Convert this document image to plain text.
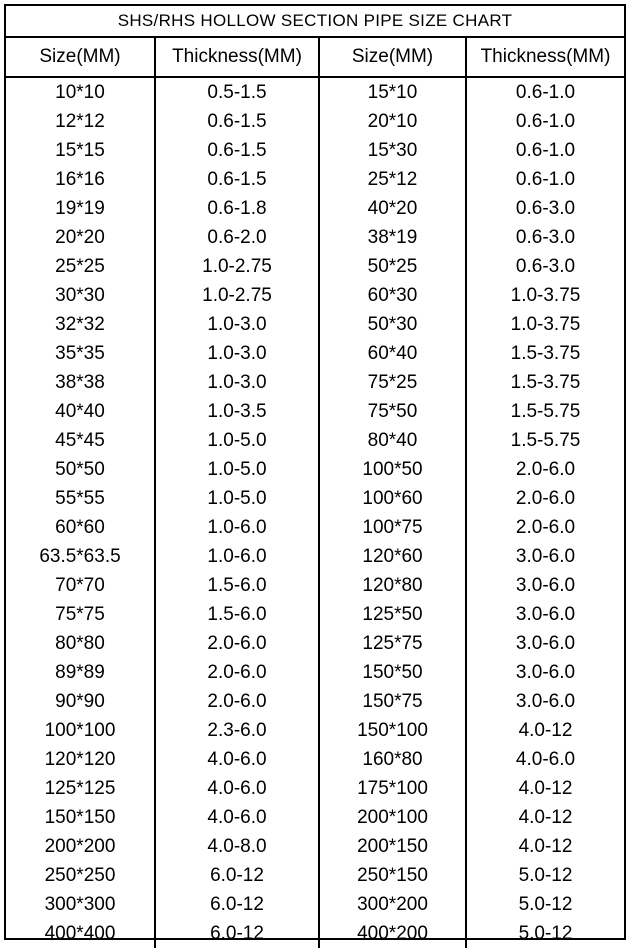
SHS/RHS HOLLOW SECTION PIPE SIZE CHART
Size(MM)	Thickness(MM)	Size(MM)	Thickness(MM)
10*10	0.5-1.5	15*10	0.6-1.0
12*12	0.6-1.5	20*10	0.6-1.0
15*15	0.6-1.5	15*30	0.6-1.0
16*16	0.6-1.5	25*12	0.6-1.0
19*19	0.6-1.8	40*20	0.6-3.0
20*20	0.6-2.0	38*19	0.6-3.0
25*25	1.0-2.75	50*25	0.6-3.0
30*30	1.0-2.75	60*30	1.0-3.75
32*32	1.0-3.0	50*30	1.0-3.75
35*35	1.0-3.0	60*40	1.5-3.75
38*38	1.0-3.0	75*25	1.5-3.75
40*40	1.0-3.5	75*50	1.5-5.75
45*45	1.0-5.0	80*40	1.5-5.75
50*50	1.0-5.0	100*50	2.0-6.0
55*55	1.0-5.0	100*60	2.0-6.0
60*60	1.0-6.0	100*75	2.0-6.0
63.5*63.5	1.0-6.0	120*60	3.0-6.0
70*70	1.5-6.0	120*80	3.0-6.0
75*75	1.5-6.0	125*50	3.0-6.0
80*80	2.0-6.0	125*75	3.0-6.0
89*89	2.0-6.0	150*50	3.0-6.0
90*90	2.0-6.0	150*75	3.0-6.0
100*100	2.3-6.0	150*100	4.0-12
120*120	4.0-6.0	160*80	4.0-6.0
125*125	4.0-6.0	175*100	4.0-12
150*150	4.0-6.0	200*100	4.0-12
200*200	4.0-8.0	200*150	4.0-12
250*250	6.0-12	250*150	5.0-12
300*300	6.0-12	300*200	5.0-12
400*400	6.0-12	400*200	5.0-12
